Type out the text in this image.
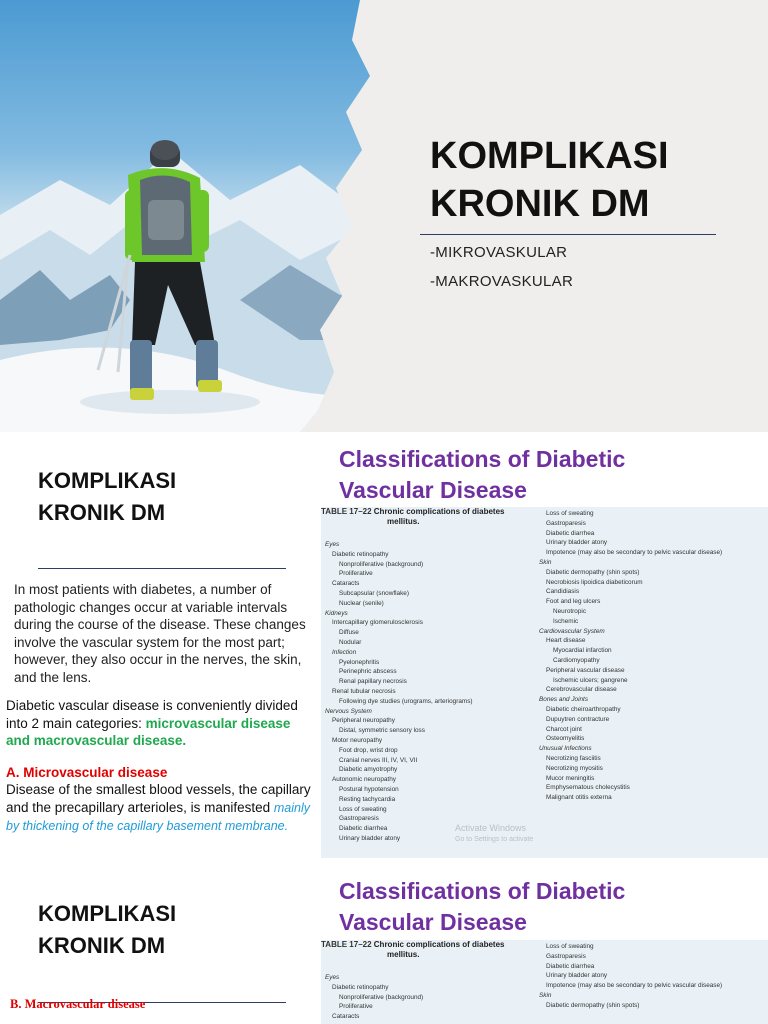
KOMPLIKASI
KRONIK DM
-MIKROVASKULAR
-MAKROVASKULAR
KOMPLIKASI
KRONIK DM
In most patients with diabetes, a number of pathologic changes occur at variable intervals during the course of the disease. These changes involve the vascular system for the most part; however, they also occur in the nerves, the skin, and the lens.
Diabetic vascular disease is conveniently divided into 2 main categories: microvascular disease and macrovascular disease.
A. Microvascular disease
Disease of the smallest blood vessels, the capillary and the precapillary arterioles, is manifested mainly by thickening of the capillary basement membrane.
Classifications of Diabetic
Vascular Disease
TABLE 17–22 Chronic complications of diabetes
mellitus.
Eyes
Diabetic retinopathy
Nonproliferative (background)
Proliferative
Cataracts
Subcapsular (snowflake)
Nuclear (senile)
Kidneys
Intercapillary glomerulosclerosis
Diffuse
Nodular
Infection
Pyelonephritis
Perinephric abscess
Renal papillary necrosis
Renal tubular necrosis
Following dye studies (urograms, arteriograms)
Nervous System
Peripheral neuropathy
Distal, symmetric sensory loss
Motor neuropathy
Foot drop, wrist drop
Cranial nerves III, IV, VI, VII
Diabetic amyotrophy
Autonomic neuropathy
Postural hypotension
Resting tachycardia
Loss of sweating
Gastroparesis
Diabetic diarrhea
Urinary bladder atony
Loss of sweating
Gastroparesis
Diabetic diarrhea
Urinary bladder atony
Impotence (may also be secondary to pelvic vascular disease)
Skin
Diabetic dermopathy (shin spots)
Necrobiosis lipoidica diabeticorum
Candidiasis
Foot and leg ulcers
Neurotropic
Ischemic
Cardiovascular System
Heart disease
Myocardial infarction
Cardiomyopathy
Peripheral vascular disease
Ischemic ulcers; gangrene
Cerebrovascular disease
Bones and Joints
Diabetic cheiroarthropathy
Dupuytren contracture
Charcot joint
Osteomyelitis
Unusual Infections
Necrotizing fasciitis
Necrotizing myositis
Mucor meningitis
Emphysematous cholecystitis
Malignant otitis externa
Activate Windows
Go to Settings to activate
KOMPLIKASI
KRONIK DM
B. Macrovascular disease
Classifications of Diabetic
Vascular Disease
TABLE 17–22 Chronic complications of diabetes
mellitus.
Eyes
Diabetic retinopathy
Nonproliferative (background)
Proliferative
Cataracts
Loss of sweating
Gastroparesis
Diabetic diarrhea
Urinary bladder atony
Impotence (may also be secondary to pelvic vascular disease)
Skin
Diabetic dermopathy (shin spots)
